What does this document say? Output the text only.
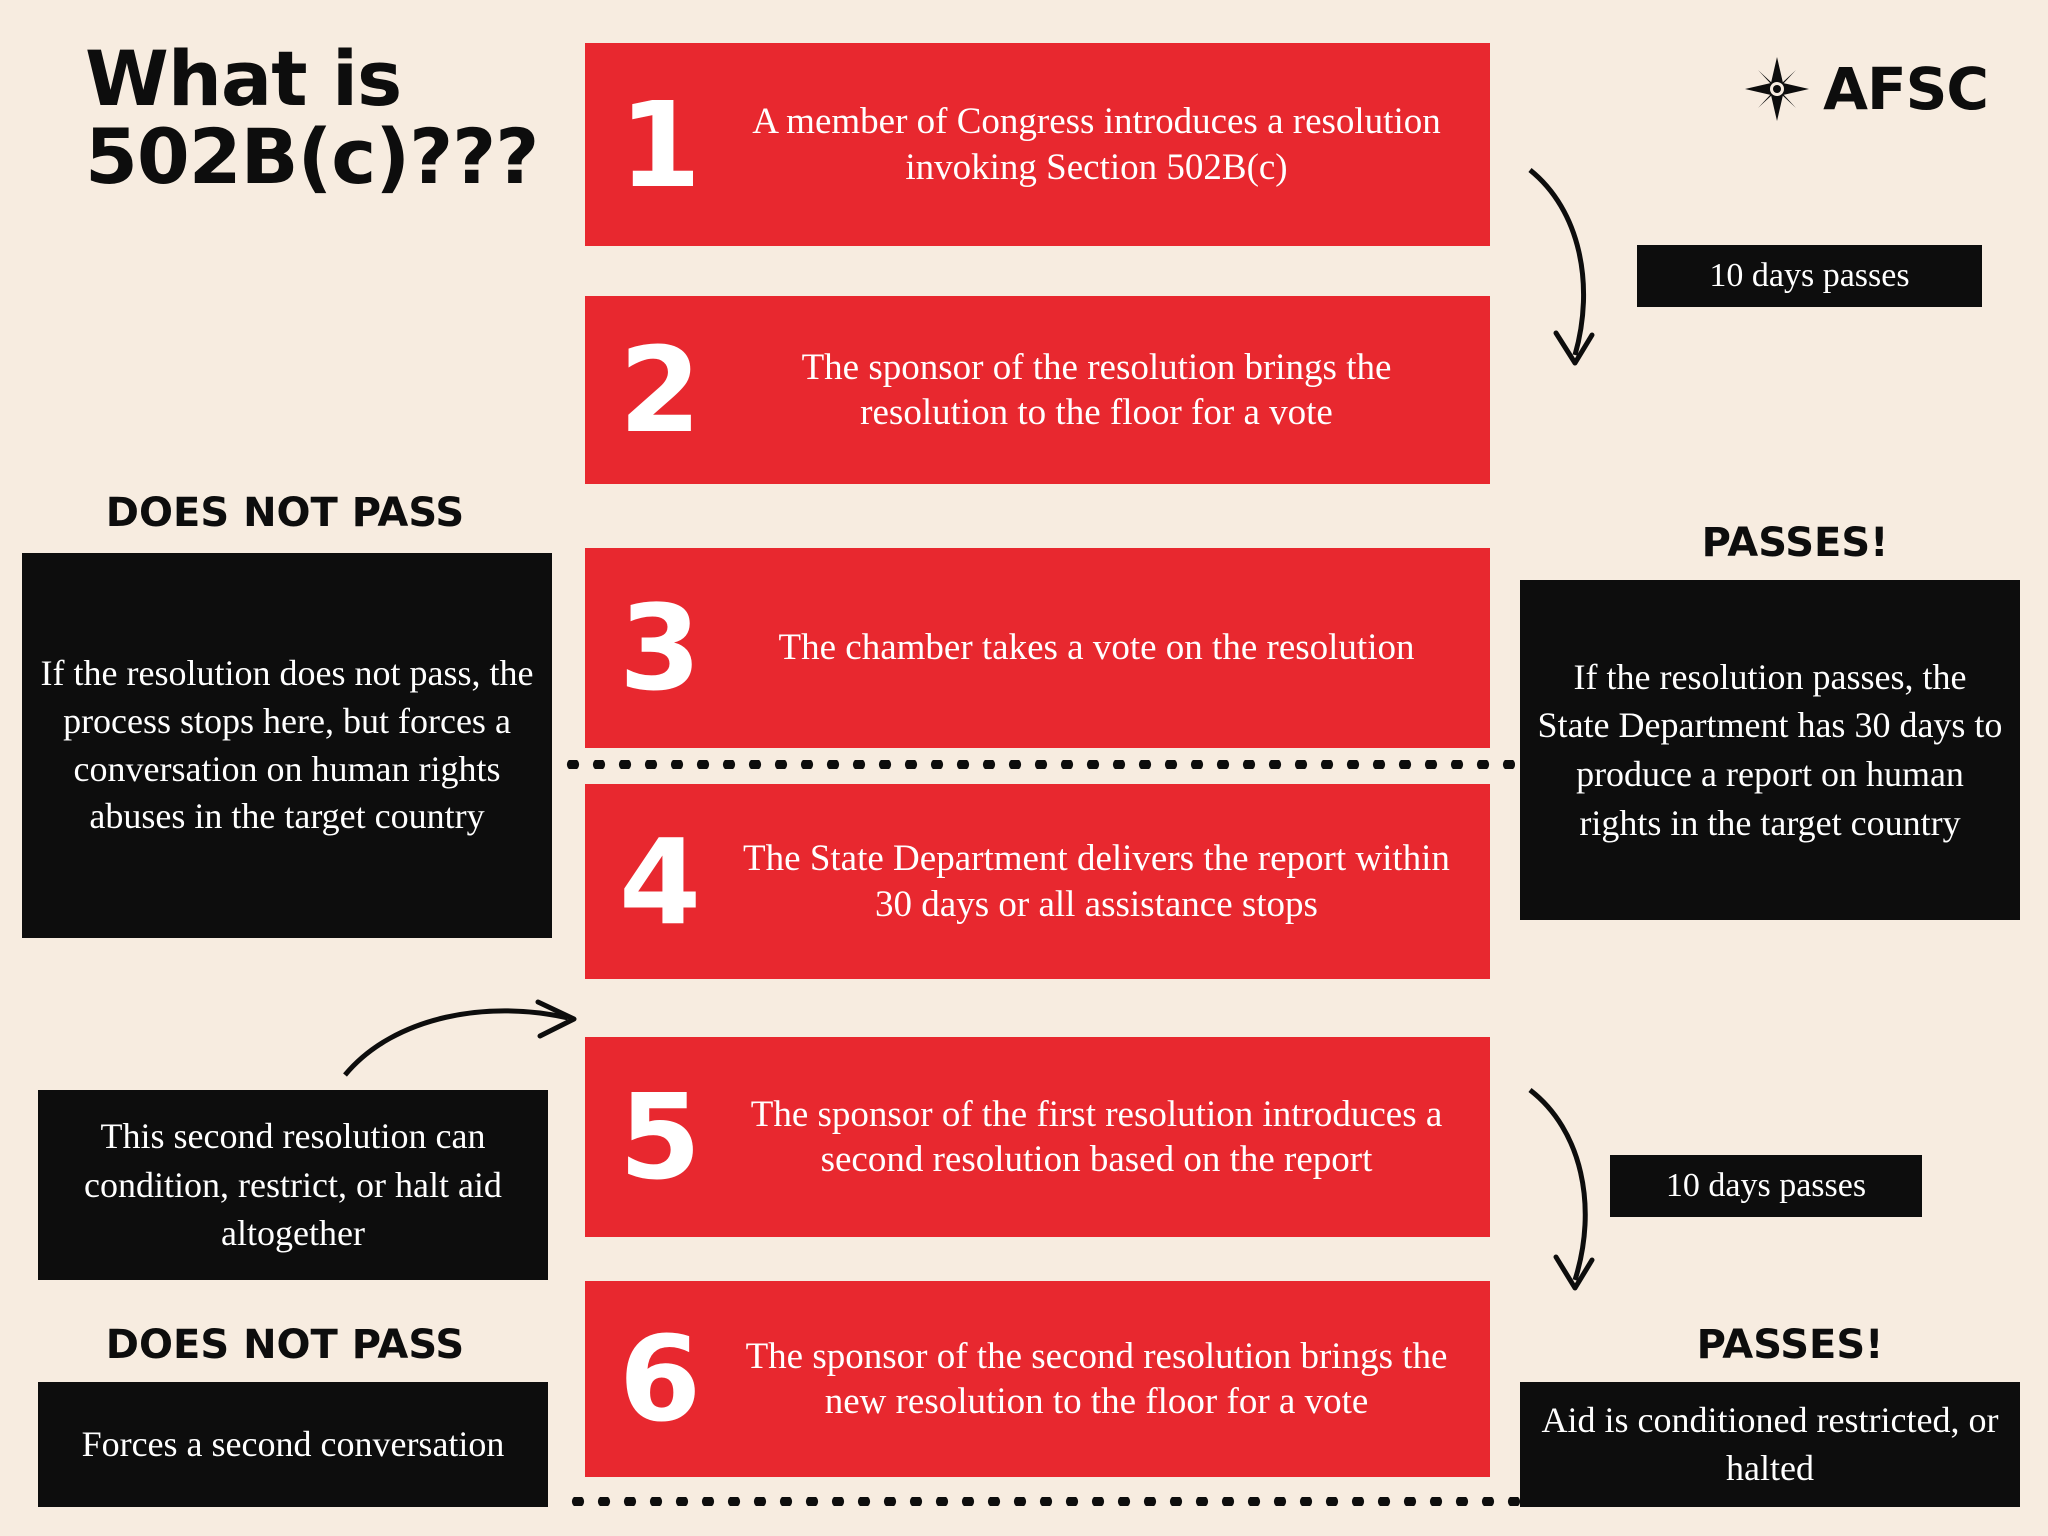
What is 502B(c)???
AFSC
1	A member of Congress introduces a resolution invoking Section 502B(c)
2	The sponsor of the resolution brings the resolution to the floor for a vote
3	The chamber takes a vote on the resolution
4	The State Department delivers the report within 30 days or all assistance stops
5	The sponsor of the first resolution introduces a second resolution based on the report
6	The sponsor of the second resolution brings the new resolution to the floor for a vote
10 days passes
10 days passes
DOES NOT PASS
If the resolution does not pass, the process stops here, but forces a conversation on human rights abuses in the target country
PASSES!
If the resolution passes, the State Department has 30 days to produce a report on human rights in the target country
This second resolution can condition, restrict, or halt aid altogether
DOES NOT PASS
Forces a second conversation
PASSES!
Aid is conditioned restricted, or halted
